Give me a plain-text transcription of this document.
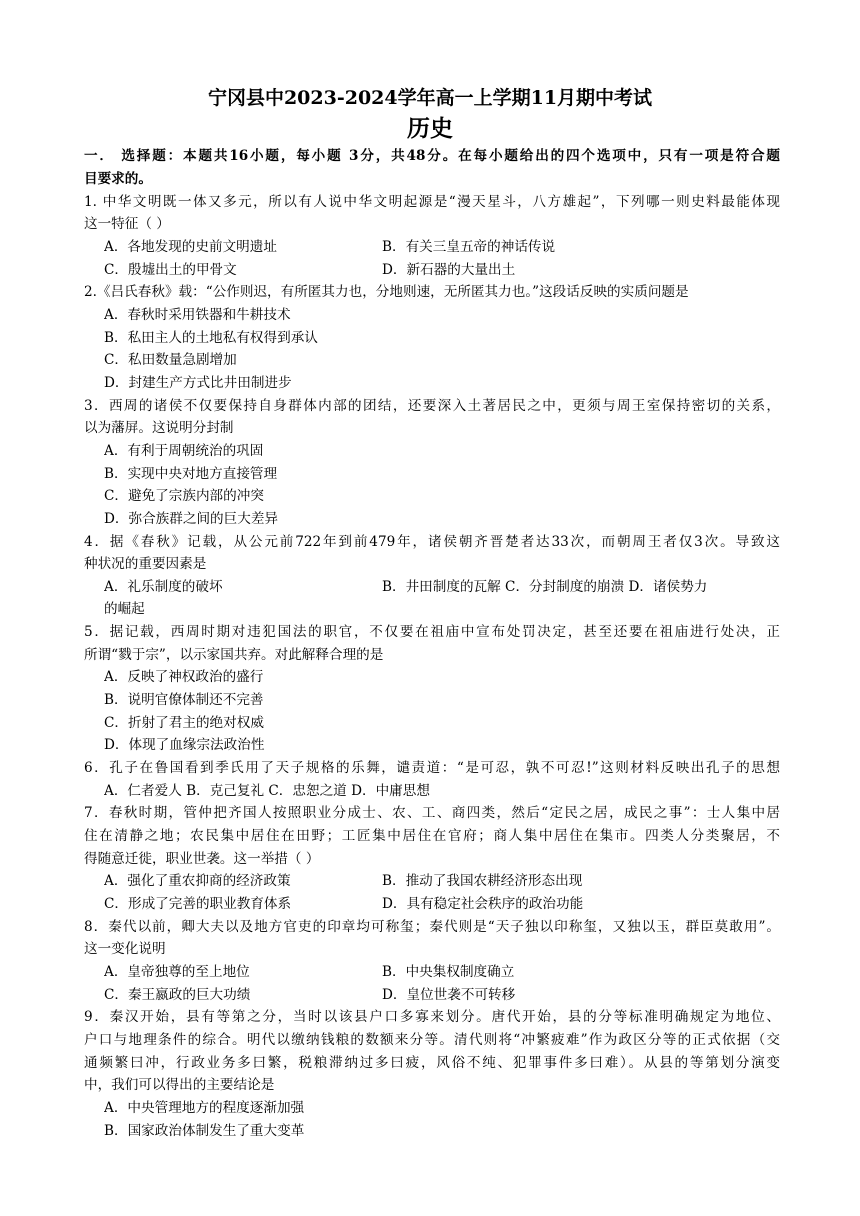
宁冈县中2023-2024学年高一上学期11月期中考试
历史
一． 选择题：本题共16小题，每小题 3分，共48分。在每小题给出的四个选项中，只有一项是符合题
目要求的。
1. 中华文明既一体又多元，所以有人说中华文明起源是“漫天星斗，八方雄起”，下列哪一则史料最能体现
这一特征（ ）
A．各地发现的史前文明遗址	B．有关三皇五帝的神话传说
C．殷墟出土的甲骨文	D．新石器的大量出土
2.《吕氏春秋》载：“公作则迟，有所匿其力也，分地则速，无所匿其力也。”这段话反映的实质问题是
A．春秋时采用铁器和牛耕技术
B．私田主人的土地私有权得到承认
C．私田数量急剧增加
D．封建生产方式比井田制进步
3．西周的诸侯不仅要保持自身群体内部的团结，还要深入土著居民之中，更须与周王室保持密切的关系，
以为藩屏。这说明分封制
A．有利于周朝统治的巩固
B．实现中央对地方直接管理
C．避免了宗族内部的冲突
D．弥合族群之间的巨大差异
4．据《春秋》记载，从公元前722年到前479年，诸侯朝齐晋楚者达33次，而朝周王者仅3次。导致这
种状况的重要因素是
A．礼乐制度的破坏	B．井田制度的瓦解 C．分封制度的崩溃 D．诸侯势力
的崛起
5．据记载，西周时期对违犯国法的职官，不仅要在祖庙中宣布处罚决定，甚至还要在祖庙进行处决，正
所谓“戮于宗”，以示家国共弃。对此解释合理的是
A．反映了神权政治的盛行
B．说明官僚体制还不完善
C．折射了君主的绝对权威
D．体现了血缘宗法政治性
6．孔子在鲁国看到季氏用了天子规格的乐舞，谴责道：“是可忍，孰不可忍!”这则材料反映出孔子的思想
A．仁者爱人 B．克己复礼 C．忠恕之道 D．中庸思想
7．春秋时期，管仲把齐国人按照职业分成士、农、工、商四类，然后“定民之居，成民之事”：士人集中居
住在清静之地；农民集中居住在田野；工匠集中居住在官府；商人集中居住在集市。四类人分类聚居，不
得随意迁徙，职业世袭。这一举措（ ）
A．强化了重农抑商的经济政策	B．推动了我国农耕经济形态出现
C．形成了完善的职业教育体系	D．具有稳定社会秩序的政治功能
8．秦代以前，卿大夫以及地方官吏的印章均可称玺；秦代则是“天子独以印称玺，又独以玉，群臣莫敢用”。
这一变化说明
A．皇帝独尊的至上地位	B．中央集权制度确立
C．秦王嬴政的巨大功绩	D．皇位世袭不可转移
9．秦汉开始，县有等第之分，当时以该县户口多寡来划分。唐代开始，县的分等标准明确规定为地位、
户口与地理条件的综合。明代以缴纳钱粮的数额来分等。清代则将“冲繁疲难”作为政区分等的正式依据（交
通频繁曰冲，行政业务多曰繁，税粮滞纳过多曰疲，风俗不纯、犯罪事件多曰难）。从县的等第划分演变
中，我们可以得出的主要结论是
A．中央管理地方的程度逐渐加强
B．国家政治体制发生了重大变革
